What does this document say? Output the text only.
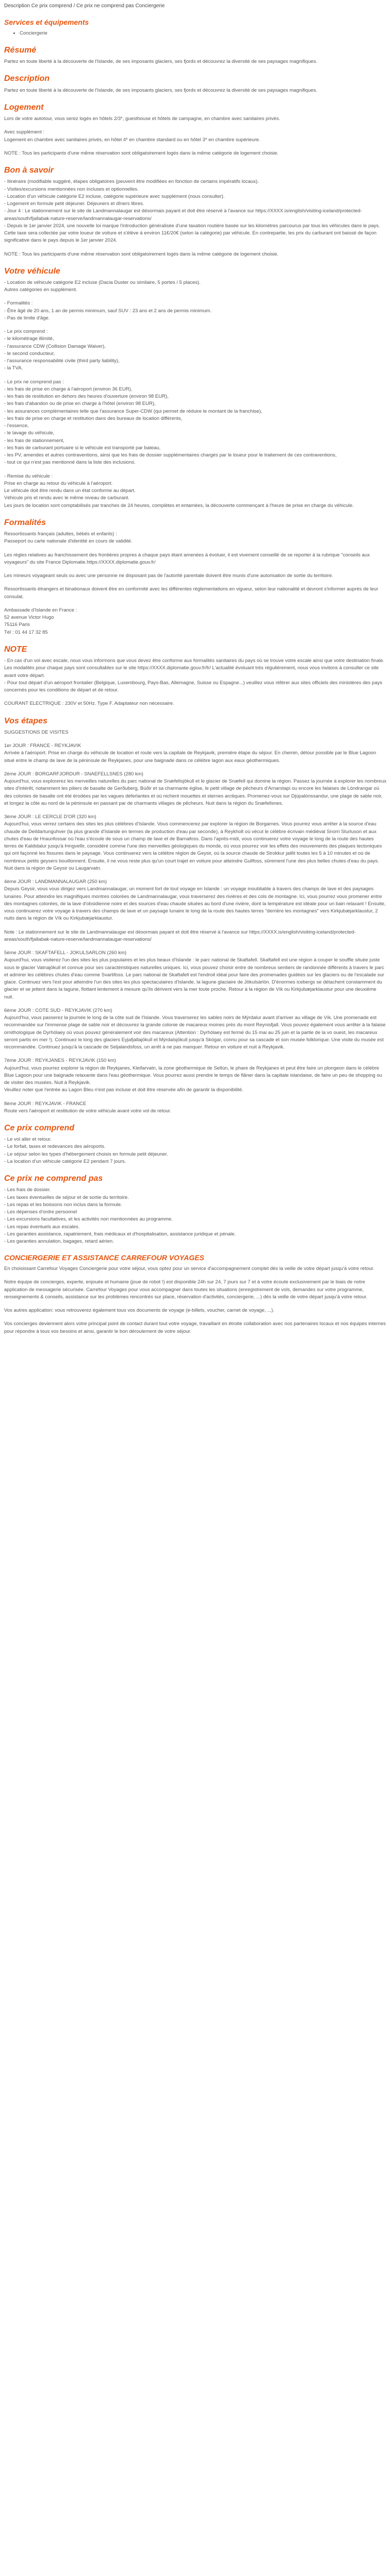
Description Ce prix comprend / Ce prix ne comprend pas Conciergerie

Services et équipements
• Conciergerie
Résumé

Partez en toute liberté à la découverte de l'Islande, de ses imposants glaciers, ses fjords et découvrez la diversité de ses paysages magnifiques.

Description

Partez en toute liberté à la découverte de l'Islande, de ses imposants glaciers, ses fjords et découvrez la diversité de ses paysages magnifiques.

Logement

Lors de votre autotour, vous serez logés en hôtels 2/3*, guesthouse et hôtels de campagne, en chambre avec sanitaires privés.

Avec supplément :
Logement en chambre avec sanitaires privés, en hôtel 4* en chambre standard ou en hôtel 3* en chambre supérieure.

NOTE : Tous les participants d'une même réservation sont obligatoirement logés dans la même catégorie de logement choisie.

Bon à savoir

- Itinéraire (modifiable suggéré, étapes obligatoires (peuvent être modifiées en fonction de certains impératifs locaux).
- Visites/excursions mentionnées non incluses et optionnelles.
- Location d'un véhicule catégorie E2 incluse, catégorie supérieure avec supplément (nous consulter).
- Logement en formule petit déjeuner. Déjeuners et dîners libres.
- Jour 4 : Le stationnement sur le site de Landmannalaugar est désormais payant et doit être réservé à l'avance sur https://XXXX.is/english/visiting-iceland/protected-areas/south/fjallabak-nature-reserve/landmannalaugar-reservations/
- Depuis le 1er janvier 2024, une nouvelle loi marque l'introduction généralisée d'une taxation routière basée sur les kilomètres parcourus par tous les véhicules dans le pays. Cette taxe sera collectée par votre loueur de voiture et s'élève à environ 11€/20€ (selon la catégorie) par véhicule. En contrepartie, les prix du carburant ont baissé de façon significative dans le pays depuis le 1er janvier 2024.

NOTE : Tous les participants d'une même réservation sont obligatoirement logés dans la même catégorie de logement choisie.

Votre véhicule

- Location de véhicule catégorie E2 incluse (Dacia Duster ou similaire, 5 portes / 5 places).
Autres catégories en supplément.

- Formalités :
- Être âgé de 20 ans, 1 an de permis minimum, sauf SUV : 23 ans et 2 ans de permis minimum.
- Pas de limite d'âge.

- Le prix comprend :
- le kilométrage illimité,
- l'assurance CDW (Collision Damage Waiver),
- le second conducteur,
- l'assurance responsabilité civile (third party liability),
- la TVA.

- Le prix ne comprend pas :
- les frais de prise en charge à l'aéroport (environ 36 EUR),
- les frais de restitution en dehors des heures d'ouverture (environ 98 EUR),
- les frais d'abandon ou de prise en charge à l'hôtel (environ 98 EUR),
- les assurances complémentaires telle que l'assurance Super-CDW (qui permet de réduire le montant de la franchise),
- les frais de prise en charge et restitution dans des bureaux de location différents,
- l'essence,
- le lavage du véhicule,
- les frais de stationnement,
- les frais de carburant portuaire si le véhicule est transporté par bateau,
- les PV, amendes et autres contraventions, ainsi que les frais de dossier supplémentaires chargés par le loueur pour le traitement de ces contraventions,
- tout ce qui n'est pas mentionné dans la liste des inclusions.

- Remise du véhicule :
Prise en charge au retour du véhicule à l'aéroport.
Le véhicule doit être rendu dans un état conforme au départ.
Véhicule pris et rendu avec le même niveau de carburant.
Les jours de location sont comptabilisés par tranches de 24 heures, complètes et entamées, la découverte commençant à l'heure de prise en charge du véhicule.

Formalités

Ressortissants français (adultes, bébés et enfants) :
Passeport ou carte nationale d'identité en cours de validité.

Les règles relatives au franchissement des frontières propres à chaque pays étant amenées à évoluer, il est vivement conseillé de se reporter à la rubrique "conseils aux voyageurs" du site France Diplomatie.https://XXXX.diplomatie.gouv.fr/

Les mineurs voyageant seuls ou avec une personne ne disposant pas de l'autorité parentale doivent être munis d'une autorisation de sortie du territoire.

Ressortissants étrangers et binationaux doivent être en conformité avec les différentes réglementations en vigueur, selon leur nationalité et devront s'informer auprès de leur consulat.

Ambassade d'Islande en France :
52 avenue Victor Hugo
75116 Paris
Tél : 01 44 17 32 85

NOTE

- En cas d'un vol avec escale, nous vous informons que vous devez être conforme aux formalités sanitaires du pays où se trouve votre escale ainsi que votre destination finale.
Les modalités pour chaque pays sont consultables sur le site https://XXXX.diplomatie.gouv.fr/fr/ L'actualité évoluant très régulièrement, nous vous invitons à consulter ce site avant votre départ.
- Pour tout départ d'un aéroport frontalier (Belgique, Luxembourg, Pays-Bas, Allemagne, Suisse ou Espagne...) veuillez vous référer aux sites officiels des ministères des pays concernés pour les conditions de départ et de retour.

COURANT ELECTRIQUE : 230V et 50Hz. Type F. Adaptateur non nécessaire.

Vos étapes

SUGGESTIONS DE VISITES

1er JOUR : FRANCE - REYKJAVIK
Arrivée à l'aéroport. Prise en charge du véhicule de location et route vers la capitale de Reykjavik, première étape du séjour. En chemin, détour possible par le Blue Lagoon situé entre le champ de lave de la péninsule de Reykjanes, pour une baignade dans ce célèbre lagon aux eaux géothermiques.

2ème JOUR : BORGARFJORDUR - SNAEFELLSNES (280 km)
Aujourd'hui, vous explorerez les merveilles naturelles du parc national de Snæfellsjökull et le glacier de Snæfell qui domine la région. Passez la journée à explorer les nombreux sites d'intérêt, notamment les piliers de basalte de Gerðuberg, Búðir et sa charmante église, le petit village de pêcheurs d'Arnarstapi ou encore les falaises de Lóndrangar où des colonies de basalte ont été érodées par les vagues déferlantes et où nichent mouettes et sternes arctiques. Promenez-vous sur Djúpalónssandur, une plage de sable noir, et longez la côte au nord de la péninsule en passant par de charmants villages de pêcheurs. Nuit dans la région du Snæfellsnes.

3ème JOUR : LE CERCLE D'OR (320 km)
Aujourd'hui, vous verrez certains des sites les plus célèbres d'Islande. Vous commencerez par explorer la région de Borgarnes. Vous pourrez vous arrêter à la source d'eau chaude de Deildartunguhver (la plus grande d'Islande en termes de production d'eau par seconde), à Reykholt où vécut le célèbre écrivain médiéval Snorri Sturluson et aux chutes d'eau de Hraunfossar où l'eau s'écoule de sous un champ de lave et de Barnafoss. Dans l'après-midi, vous continuerez votre voyage le long de la route des hautes terres de Kaldidalur jusqu'à Þingvellir, considéré comme l'une des merveilles géologiques du monde, où vous pourrez voir les effets des mouvements des plaques tectoniques qui ont façonné les fissures dans le paysage. Vous continuerez vers la célèbre région de Geysir, où la source chaude de Strokkur jaillit toutes les 5 à 10 minutes et où de nombreux petits geysers bouillonnent. Ensuite, il ne vous reste plus qu'un court trajet en voiture pour atteindre Gullfoss, sûrement l'une des plus belles chutes d'eau du pays. Nuit dans la région de Geysir ou Laugarvatn.

4ème JOUR : LANDMANNALAUGAR (250 km)
Depuis Geysir, vous vous dirigez vers Landmannalaugar, un moment fort de tout voyage en Islande : un voyage inoubliable à travers des champs de lave et des paysages lunaires. Pour atteindre les magnifiques montres colorées de Landmannalaugar, vous traverserez des rivières et des cols de montagne. Ici, vous pourrez vous promener entre des montagnes colorées, de la lave d'obsidienne noire et des sources d'eau chaude situées au bord d'une rivière, dont la température est idéale pour un bain relaxant ! Ensuite, vous continuerez votre voyage à travers des champs de lave et un paysage lunaire le long de la route des hautes terres "derrière les montagnes" vers Kirkjubæjarklaustur, 2 nuits dans la région de Vík ou Kirkjubæjarklaustur.

Note : Le stationnement sur le site de Landmannalaugar est désormais payant et doit être réservé à l'avance sur https://XXXX.is/english/visiting-iceland/protected-areas/south/fjallabak-nature-reserve/landmannalaugar-reservations/

5ème JOUR : SKAFTAFELL - JOKULSARLON (260 km)
Aujourd'hui, vous visiterez l'un des sites les plus populaires et les plus beaux d'Islande : le parc national de Skaftafell. Skaftafell est une région à couper le souffle située juste sous le glacier Vatnajökull et connue pour ses caractéristiques naturelles uniques. Ici, vous pouvez choisir entre de nombreux sentiers de randonnée différents à travers le parc et admirer les célèbres chutes d'eau comme Svartifoss. Le parc national de Skaftafell est l'endroit idéal pour faire des promenades guidées sur les glaciers ou de l'escalade sur glace. Continuez vers l'est pour atteindre l'un des sites les plus spectaculaires d'Islande, la lagune glaciaire de Jökulsárlón. D'énormes icebergs se détachent constamment du glacier et se jettent dans la lagune, flottant lentement à mesure qu'ils dérivent vers la mer toute proche. Retour à la région de Vík ou Kirkjubæjarklaustur pour une deuxième nuit.

6ème JOUR : COTE SUD - REYKJAVIK (270 km)
Aujourd'hui, vous passerez la journée le long de la côte sud de l'Islande. Vous traverserez les sables noirs de Mýrdalur avant d'arriver au village de Vík. Une promenade est recommandée sur l'immense plage de sable noir et découvrez la grande colonie de macareux moines près du mont Reynisfjall. Vous pouvez également vous arrêter à la falaise ornithologique de Dyrhólaey où vous pouvez généralement voir des macareux (Attention : Dyrhólaey est fermé du 15 mai au 25 juin et la partie de la vo ouest, les macareux seront partis en mer !). Continuez le long des glaciers Eyjafjallajökull et Mýrdalsjökull jusqu'à Skógar, connu pour sa cascade et son musée folklorique. Une visite du musée est recommandée. Continuez jusqu'à la cascade de Seljalandsfoss, un arrêt à ne pas manquer. Retour en voiture et nuit à Reykjavik.

7ème JOUR : REYKJANES - REYKJAVIK (150 km)
Aujourd'hui, vous pourrez explorer la région de Reykjanes, Kleifarvatn, la zone géothermique de Seltún, le phare de Reykjanes et peut être faire un plongeon dans le célèbre Blue Lagoon pour une baignade relaxante dans l'eau géothermique. Vous pourrez aussi prendre le temps de flâner dans la capitale islandaise, de faire un peu de shopping ou de visiter des musées. Nuit à Reykjavik.
Veuillez noter que l'entrée au Lagon Bleu n'est pas incluse et doit être réservée afin de garantir la disponibilité.

8ème JOUR : REYKJAVIK - FRANCE
Route vers l'aéroport et restitution de votre véhicule avant votre vol de retour.

Ce prix comprend

- Le vol aller et retour.
- Le forfait, taxes et redevances des aéroports.
- Le séjour selon les types d'hébergement choisis en formule petit déjeuner.
- La location d'un véhicule catégorie E2 pendant 7 jours.

Ce prix ne comprend pas

- Les frais de dossier.
- Les taxes éventuelles de séjour et de sortie du territoire.
- Les repas et les boissons non inclus dans la formule.
- Les dépenses d'ordre personnel
- Les excursions facultatives, et les activités non mentionnées au programme.
- Les repas éventuels aux escales.
- Les garanties assistance, rapatriement, frais médicaux et d'hospitalisation, assistance juridique et pénale.
- Les garanties annulation, bagages, retard aérien.

CONCIERGERIE ET ASSISTANCE CARREFOUR VOYAGES

En choisissant Carrefour Voyages Conciergerie pour votre séjour, vous optez pour un service d'accompagnement complet dès la veille de votre départ jusqu'à votre retour.

Notre équipe de concierges, experte, enjouée et humaine (joue de robot !) est disponible 24h sur 24, 7 jours sur 7 et à votre écoute exclusivement par le biais de notre application de messagerie sécurisée. Carrefour Voyages pour vous accompagner dans toutes les situations (enregistrement de vols, demandes sur votre programme, renseignements & conseils, assistance sur les problèmes rencontrés sur place, réservation d'activités, conciergerie, ...) dès la veille de votre départ jusqu'à votre retour.

Vos autres application: vous retrouverez également tous vos documents de voyage (e-billets, voucher, carnet de voyage, ...).

Vos concierges deviennent alors votre principal point de contact durant tout votre voyage, travaillant en étroite collaboration avec nos partenaires locaux et nos équipes internes pour répondre à tous vos besoins et ainsi, garantir le bon déroulement de votre séjour.
